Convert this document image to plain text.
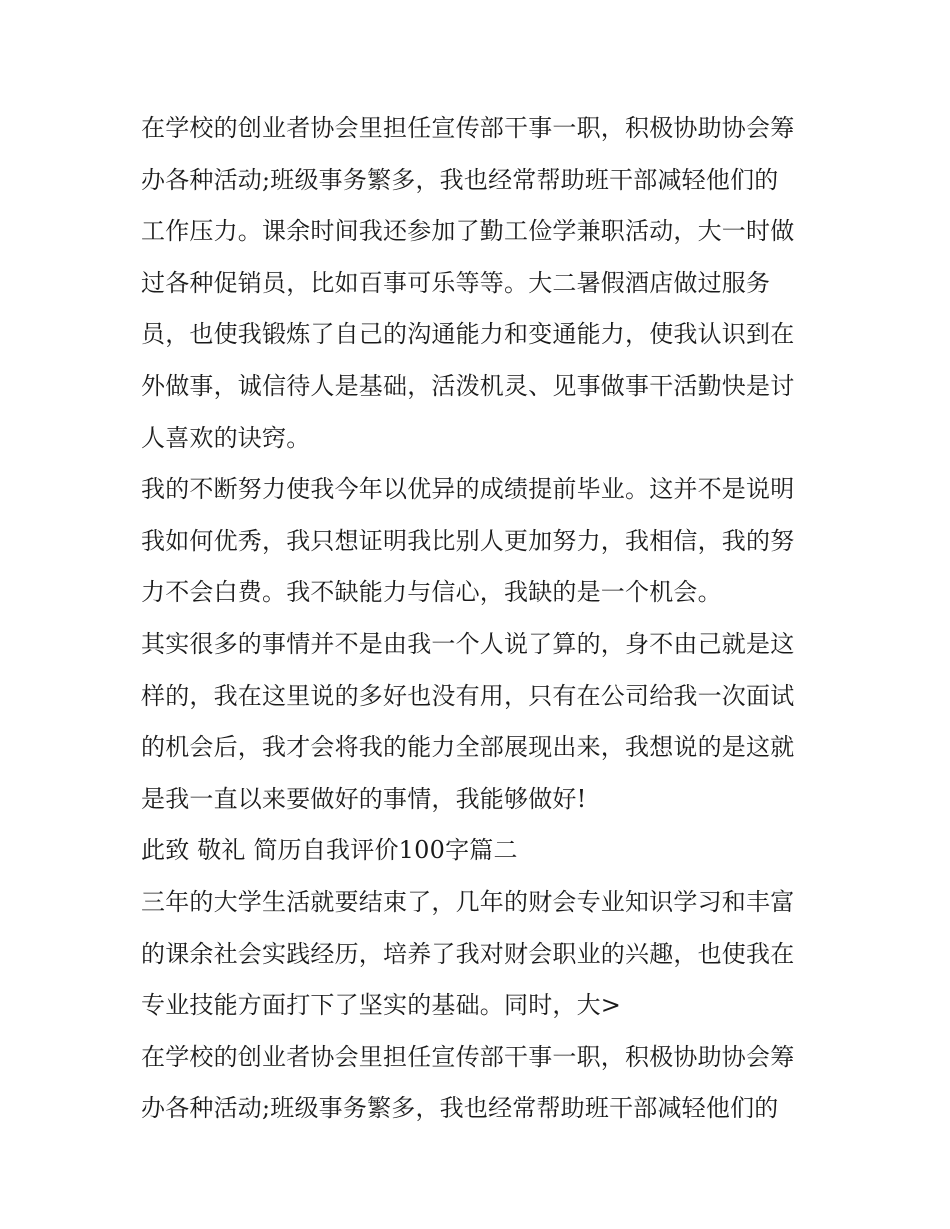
在学校的创业者协会里担任宣传部干事一职，积极协助协会筹
办各种活动;班级事务繁多，我也经常帮助班干部减轻他们的
工作压力。课余时间我还参加了勤工俭学兼职活动，大一时做
过各种促销员，比如百事可乐等等。大二暑假酒店做过服务
员，也使我锻炼了自己的沟通能力和变通能力，使我认识到在
外做事，诚信待人是基础，活泼机灵、见事做事干活勤快是讨
人喜欢的诀窍。
我的不断努力使我今年以优异的成绩提前毕业。这并不是说明
我如何优秀，我只想证明我比别人更加努力，我相信，我的努
力不会白费。我不缺能力与信心，我缺的是一个机会。
其实很多的事情并不是由我一个人说了算的，身不由己就是这
样的，我在这里说的多好也没有用，只有在公司给我一次面试
的机会后，我才会将我的能力全部展现出来，我想说的是这就
是我一直以来要做好的事情，我能够做好!
此致 敬礼 简历自我评价100字篇二
三年的大学生活就要结束了，几年的财会专业知识学习和丰富
的课余社会实践经历，培养了我对财会职业的兴趣，也使我在
专业技能方面打下了坚实的基础。同时，大>
在学校的创业者协会里担任宣传部干事一职，积极协助协会筹
办各种活动;班级事务繁多，我也经常帮助班干部减轻他们的
